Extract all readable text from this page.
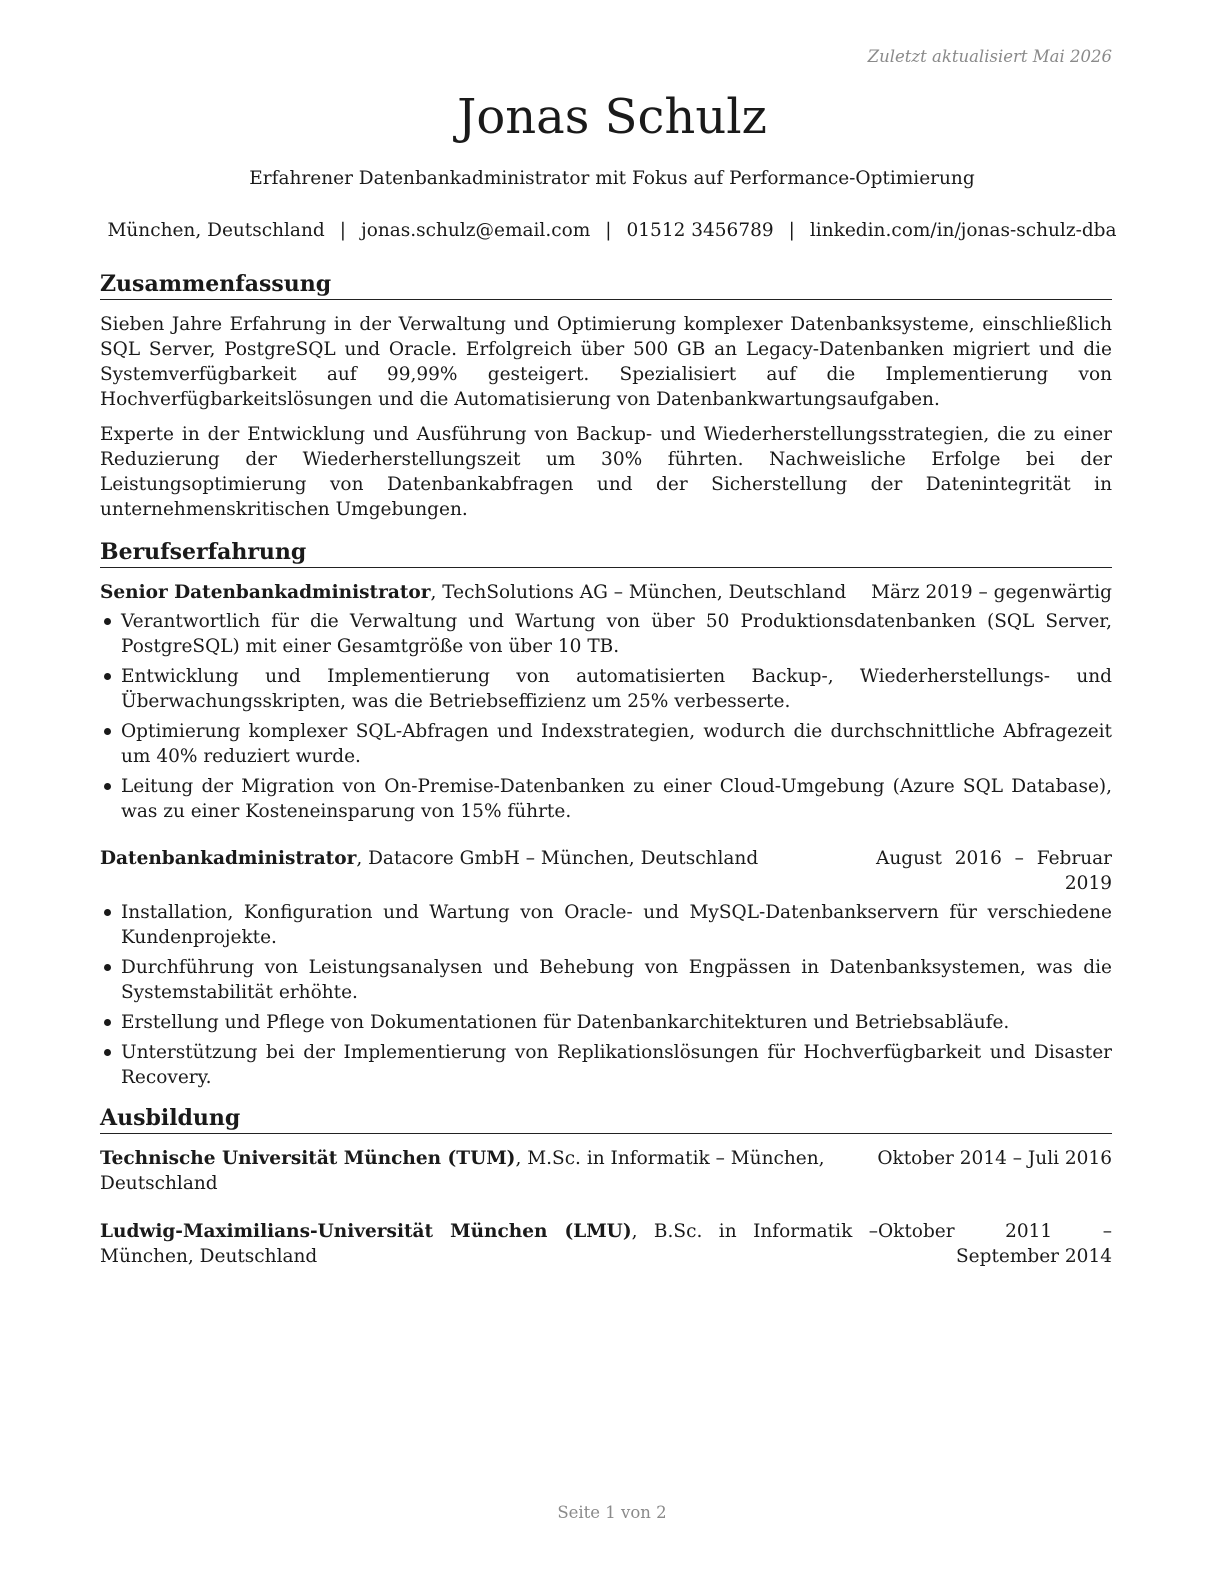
Zuletzt aktualisiert Mai 2026
Jonas Schulz
Erfahrener Datenbankadministrator mit Fokus auf Performance-Optimierung
München, Deutschland | jonas.schulz@email.com | 01512 3456789 | linkedin.com/in/jonas-schulz-dba
Zusammenfassung

Sieben Jahre Erfahrung in der Verwaltung und Optimierung komplexer Datenbanksysteme, einschließlich SQL Server, PostgreSQL und Oracle. Erfolgreich über 500 GB an Legacy-Datenbanken migriert und die Systemverfügbarkeit auf 99,99% gesteigert. Spezialisiert auf die Implementierung von Hochverfügbarkeitslösungen und die Automatisierung von Datenbankwartungsaufgaben.

Experte in der Entwicklung und Ausführung von Backup- und Wiederherstellungsstrategien, die zu einer Reduzierung der Wiederherstellungszeit um 30% führten. Nachweisliche Erfolge bei der Leistungsoptimierung von Datenbankabfragen und der Sicherstellung der Datenintegrität in unternehmenskritischen Umgebungen.

Berufserfahrung
Senior Datenbankadministrator, TechSolutions AG – München, Deutschland	März 2019 – gegenwärtig
Verantwortlich für die Verwaltung und Wartung von über 50 Produktionsdatenbanken (SQL Server, PostgreSQL) mit einer Gesamtgröße von über 10 TB.
Entwicklung und Implementierung von automatisierten Backup-, Wiederherstellungs- und Überwachungsskripten, was die Betriebseffizienz um 25% verbesserte.
Optimierung komplexer SQL-Abfragen und Indexstrategien, wodurch die durchschnittliche Abfragezeit um 40% reduziert wurde.
Leitung der Migration von On-Premise-Datenbanken zu einer Cloud-Umgebung (Azure SQL Database), was zu einer Kosteneinsparung von 15% führte.
Datenbankadministrator, Datacore GmbH – München, Deutschland	August 2016 – Februar 2019
Installation, Konfiguration und Wartung von Oracle- und MySQL-Datenbankservern für verschiedene Kundenprojekte.
Durchführung von Leistungsanalysen und Behebung von Engpässen in Datenbanksystemen, was die Systemstabilität erhöhte.
Erstellung und Pflege von Dokumentationen für Datenbankarchitekturen und Betriebsabläufe.
Unterstützung bei der Implementierung von Replikationslösungen für Hochverfügbarkeit und Disaster Recovery.
Ausbildung
Technische Universität München (TUM), M.Sc. in Informatik – München, Deutschland
Oktober 2014 – Juli 2016
Ludwig-Maximilians-Universität München (LMU), B.Sc. in Informatik – München, Deutschland
Oktober 2011 – September 2014
Seite 1 von 2
